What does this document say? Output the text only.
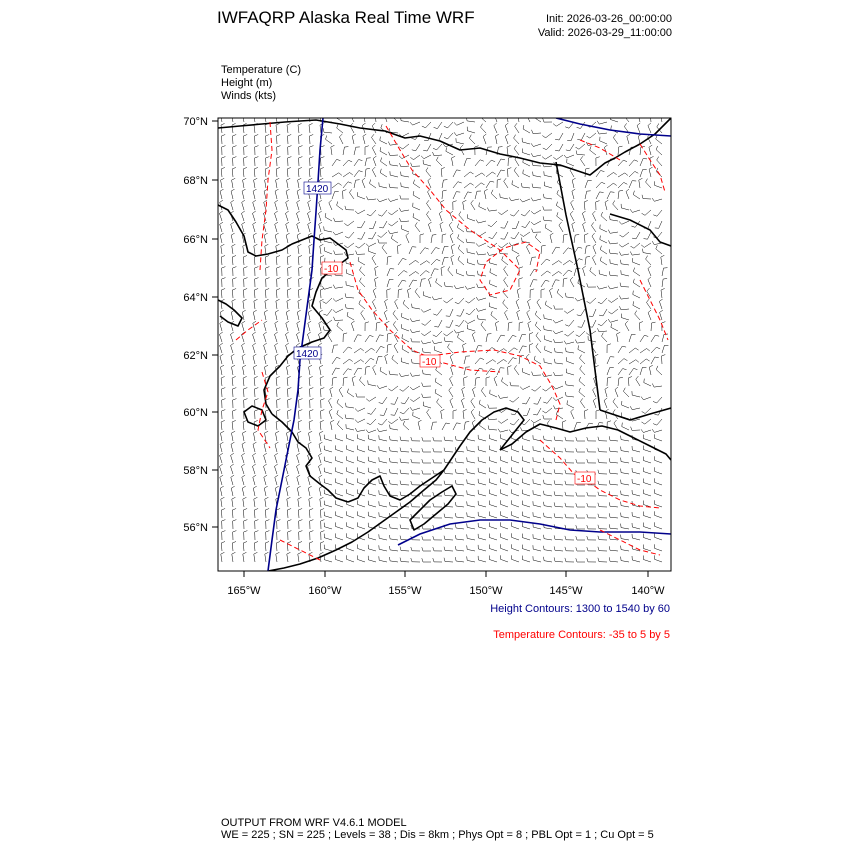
IWFAQRP Alaska Real Time WRF	Init: 2026-03-26_00:00:00
Valid: 2026-03-29_11:00:00
Temperature (C)
Height (m)
Winds (kts)
70°N
68°N
66°N
64°N
62°N
60°N
58°N
56°N
165°W	160°W	155°W	150°W	145°W	140°W
1420
1420
-10
-10
-10
Height Contours: 1300 to 1540 by 60
Temperature Contours: -35 to 5 by 5
OUTPUT FROM WRF V4.6.1 MODEL
WE = 225 ; SN = 225 ; Levels = 38 ; Dis = 8km ; Phys Opt = 8 ; PBL Opt = 1 ; Cu Opt = 5
